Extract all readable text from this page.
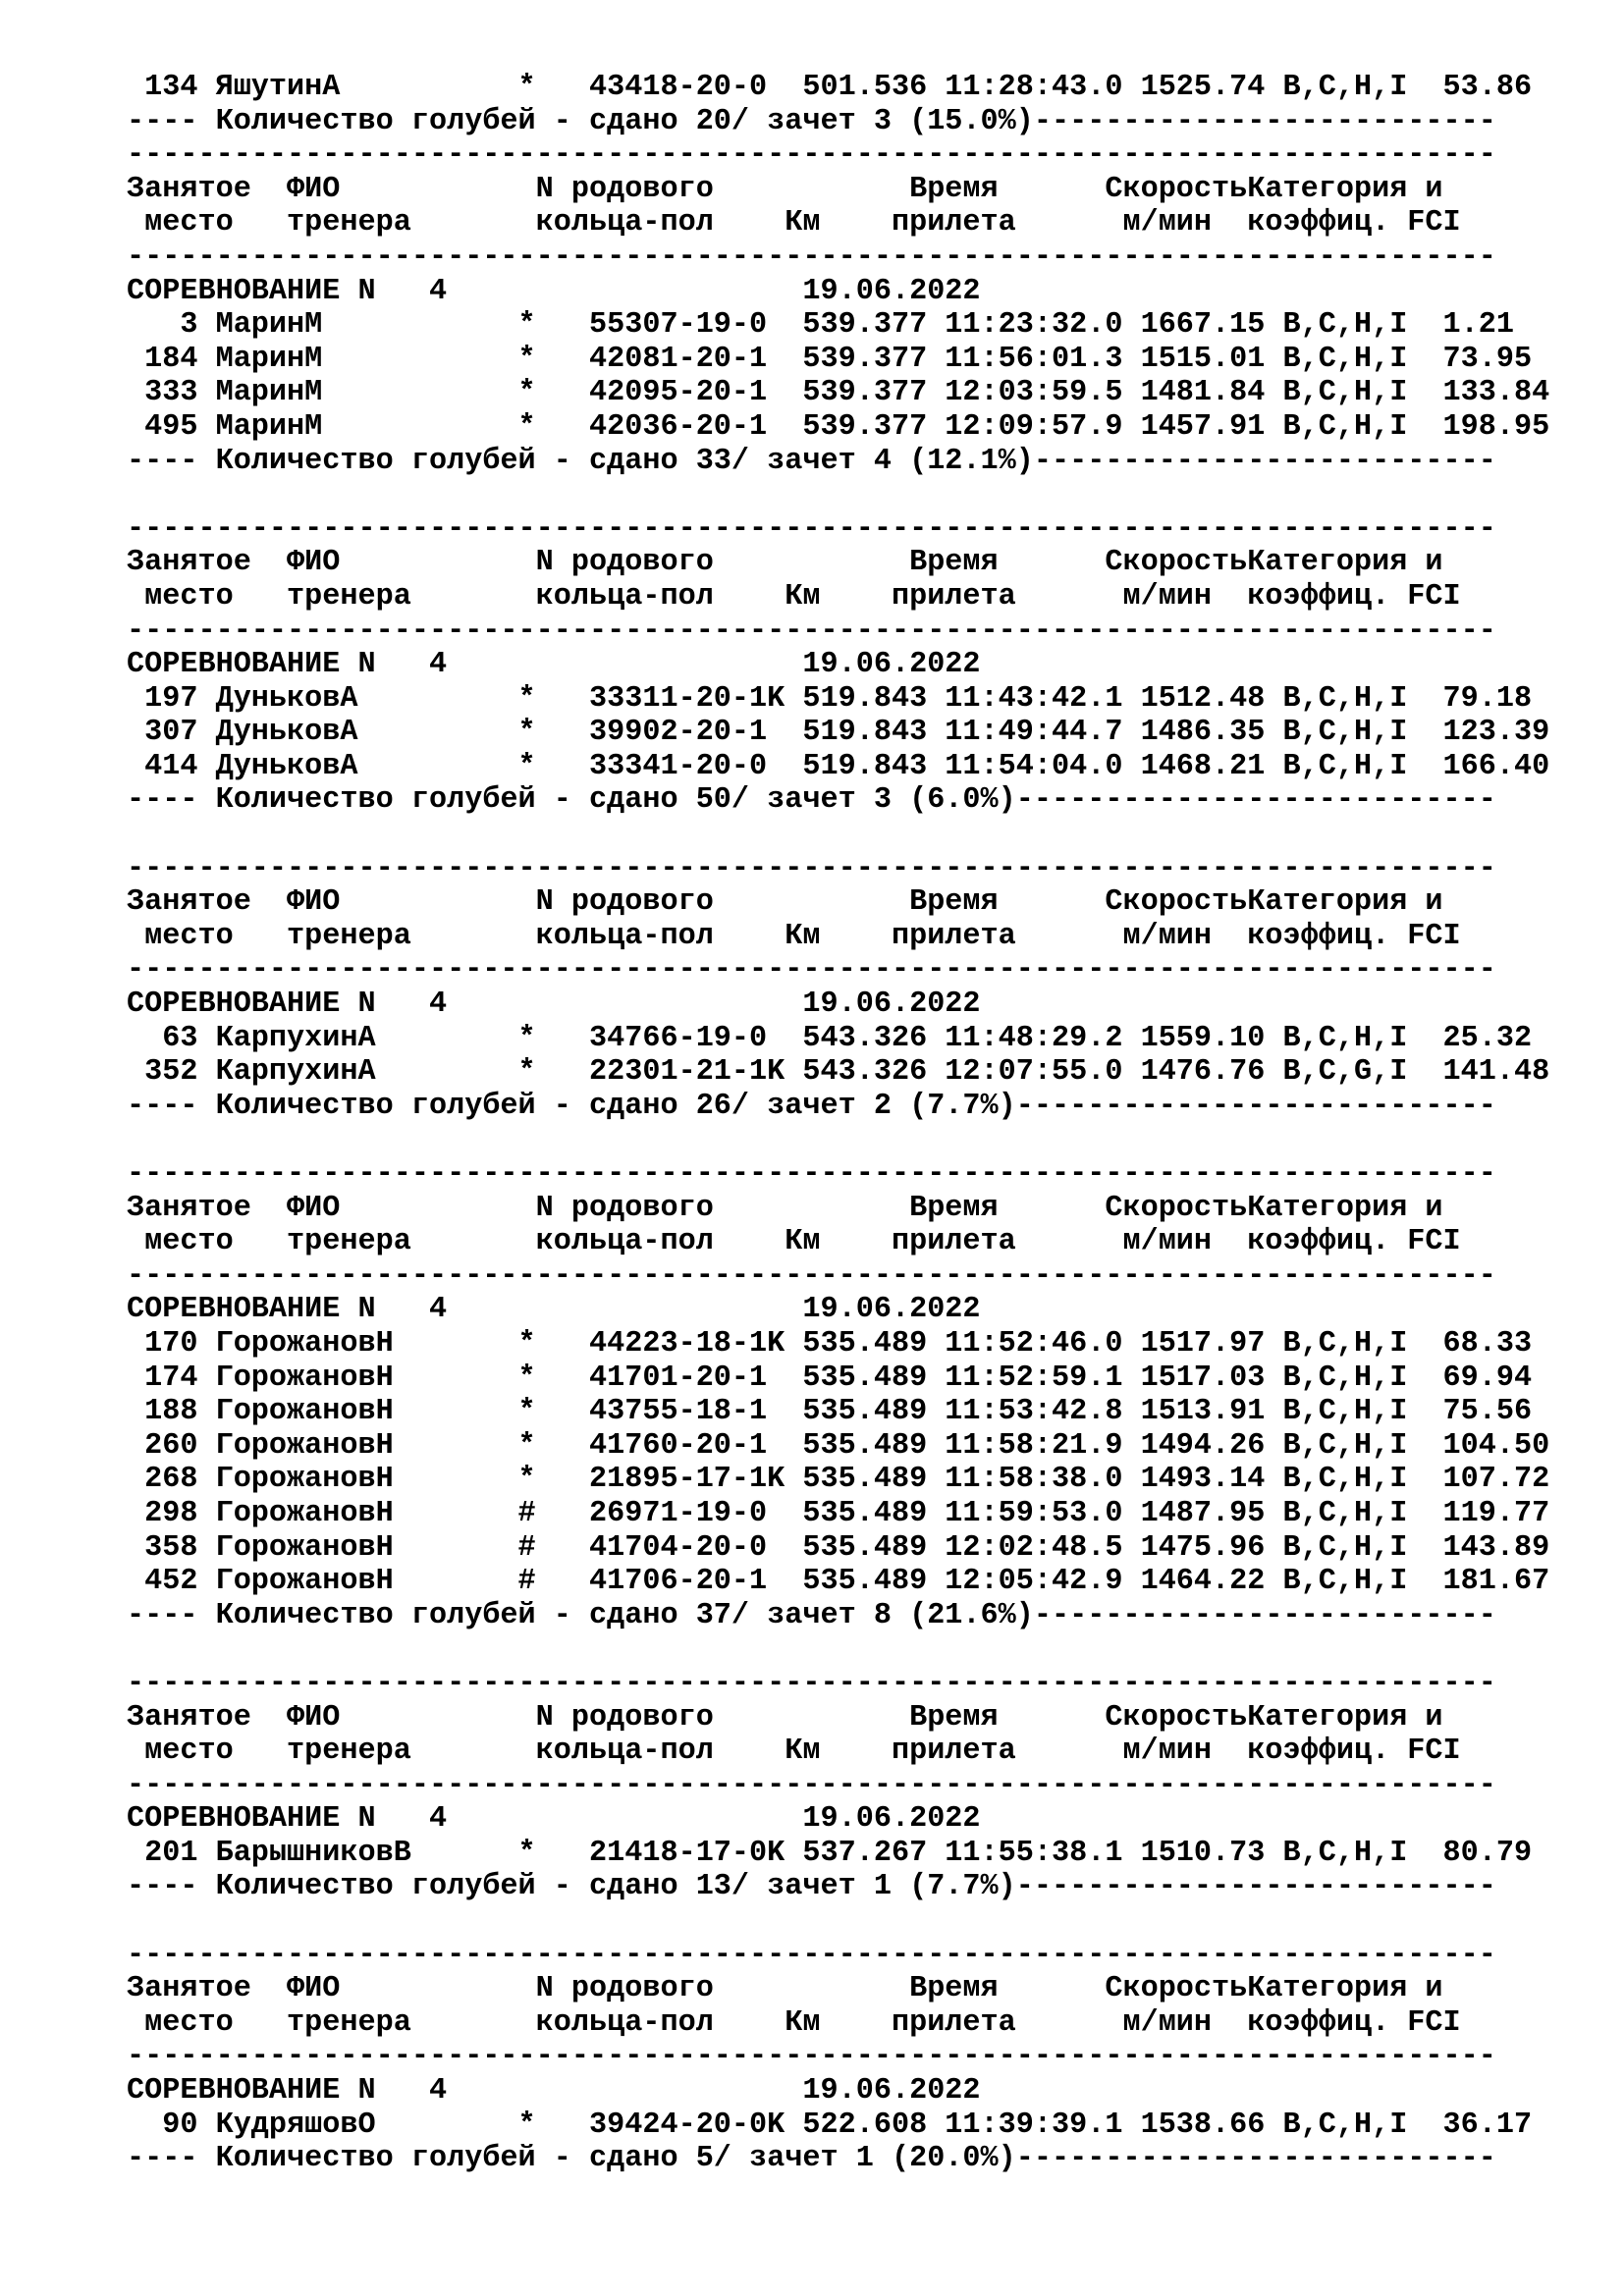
134 ЯшутинА          *   43418-20-0  501.536 11:28:43.0 1525.74 B,C,H,I  53.86
---- Количество голубей - сдано 20/ зачет 3 (15.0%)--------------------------
-----------------------------------------------------------------------------
Занятое  ФИО           N родового           Время      СкоростьКатегория и
место   тренера       кольца-пол    Км    прилета      м/мин  коэффиц. FCI
-----------------------------------------------------------------------------
СОРЕВНОВАНИЕ N   4                    19.06.2022
3 МаринМ           *   55307-19-0  539.377 11:23:32.0 1667.15 B,C,H,I  1.21
184 МаринМ           *   42081-20-1  539.377 11:56:01.3 1515.01 B,C,H,I  73.95
333 МаринМ           *   42095-20-1  539.377 12:03:59.5 1481.84 B,C,H,I  133.84
495 МаринМ           *   42036-20-1  539.377 12:09:57.9 1457.91 B,C,H,I  198.95
---- Количество голубей - сдано 33/ зачет 4 (12.1%)--------------------------

-----------------------------------------------------------------------------
Занятое  ФИО           N родового           Время      СкоростьКатегория и
место   тренера       кольца-пол    Км    прилета      м/мин  коэффиц. FCI
-----------------------------------------------------------------------------
СОРЕВНОВАНИЕ N   4                    19.06.2022
197 ДуньковА         *   33311-20-1K 519.843 11:43:42.1 1512.48 B,C,H,I  79.18
307 ДуньковА         *   39902-20-1  519.843 11:49:44.7 1486.35 B,C,H,I  123.39
414 ДуньковА         *   33341-20-0  519.843 11:54:04.0 1468.21 B,C,H,I  166.40
---- Количество голубей - сдано 50/ зачет 3 (6.0%)---------------------------

-----------------------------------------------------------------------------
Занятое  ФИО           N родового           Время      СкоростьКатегория и
место   тренера       кольца-пол    Км    прилета      м/мин  коэффиц. FCI
-----------------------------------------------------------------------------
СОРЕВНОВАНИЕ N   4                    19.06.2022
63 КарпухинА        *   34766-19-0  543.326 11:48:29.2 1559.10 B,C,H,I  25.32
352 КарпухинА        *   22301-21-1K 543.326 12:07:55.0 1476.76 B,C,G,I  141.48
---- Количество голубей - сдано 26/ зачет 2 (7.7%)---------------------------

-----------------------------------------------------------------------------
Занятое  ФИО           N родового           Время      СкоростьКатегория и
место   тренера       кольца-пол    Км    прилета      м/мин  коэффиц. FCI
-----------------------------------------------------------------------------
СОРЕВНОВАНИЕ N   4                    19.06.2022
170 ГорожановН       *   44223-18-1K 535.489 11:52:46.0 1517.97 B,C,H,I  68.33
174 ГорожановН       *   41701-20-1  535.489 11:52:59.1 1517.03 B,C,H,I  69.94
188 ГорожановН       *   43755-18-1  535.489 11:53:42.8 1513.91 B,C,H,I  75.56
260 ГорожановН       *   41760-20-1  535.489 11:58:21.9 1494.26 B,C,H,I  104.50
268 ГорожановН       *   21895-17-1K 535.489 11:58:38.0 1493.14 B,C,H,I  107.72
298 ГорожановН       #   26971-19-0  535.489 11:59:53.0 1487.95 B,C,H,I  119.77
358 ГорожановН       #   41704-20-0  535.489 12:02:48.5 1475.96 B,C,H,I  143.89
452 ГорожановН       #   41706-20-1  535.489 12:05:42.9 1464.22 B,C,H,I  181.67
---- Количество голубей - сдано 37/ зачет 8 (21.6%)--------------------------

-----------------------------------------------------------------------------
Занятое  ФИО           N родового           Время      СкоростьКатегория и
место   тренера       кольца-пол    Км    прилета      м/мин  коэффиц. FCI
-----------------------------------------------------------------------------
СОРЕВНОВАНИЕ N   4                    19.06.2022
201 БарышниковВ      *   21418-17-0K 537.267 11:55:38.1 1510.73 B,C,H,I  80.79
---- Количество голубей - сдано 13/ зачет 1 (7.7%)---------------------------

-----------------------------------------------------------------------------
Занятое  ФИО           N родового           Время      СкоростьКатегория и
место   тренера       кольца-пол    Км    прилета      м/мин  коэффиц. FCI
-----------------------------------------------------------------------------
СОРЕВНОВАНИЕ N   4                    19.06.2022
90 КудряшовО        *   39424-20-0K 522.608 11:39:39.1 1538.66 B,C,H,I  36.17
---- Количество голубей - сдано 5/ зачет 1 (20.0%)---------------------------
